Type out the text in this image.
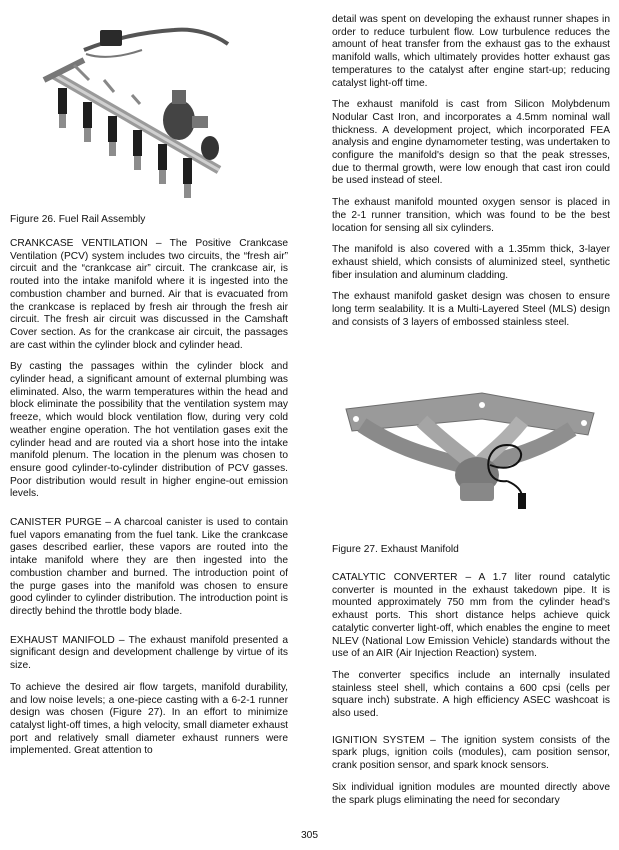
Figure 26. Fuel Rail Assembly

CRANKCASE VENTILATION – The Positive Crankcase Ventilation (PCV) system includes two circuits, the “fresh air” circuit and the “crankcase air” circuit. The crankcase air, is routed into the intake manifold where it is ingested into the combustion chamber and burned. Air that is evacuated from the crankcase is replaced by fresh air through the fresh air circuit. The fresh air circuit was discussed in the Camshaft Cover section. As for the crankcase air circuit, the passages are cast within the cylinder block and cylinder head.

By casting the passages within the cylinder block and cylinder head, a significant amount of external plumbing was eliminated. Also, the warm temperatures within the head and block eliminate the possibility that the ventilation system may freeze, which would block ventilation flow, during very cold weather engine operation. The hot ventilation gases exit the cylinder head and are routed via a short hose into the intake manifold plenum. The location in the plenum was chosen to ensure good cylinder-to-cylinder distribution of PCV gasses. Poor distribution would result in higher engine-out emission levels.

CANISTER PURGE – A charcoal canister is used to contain fuel vapors emanating from the fuel tank. Like the crankcase gases described earlier, these vapors are routed into the intake manifold where they are then ingested into the combustion chamber and burned. The introduction point of the purge gases into the manifold was chosen to ensure good cylinder to cylinder distribution. The introduction point is directly behind the throttle body blade.

EXHAUST MANIFOLD – The exhaust manifold presented a significant design and development challenge by virtue of its size.

To achieve the desired air flow targets, manifold durability, and low noise levels; a one-piece casting with a 6-2-1 runner design was chosen (Figure 27). In an effort to minimize catalyst light-off times, a high velocity, small diameter exhaust port and relatively small diameter exhaust runners were implemented. Great attention to

detail was spent on developing the exhaust runner shapes in order to reduce turbulent flow. Low turbulence reduces the amount of heat transfer from the exhaust gas to the exhaust manifold walls, which ultimately provides hotter exhaust gas temperatures to the catalyst after engine start-up; reducing catalyst light-off time.

The exhaust manifold is cast from Silicon Molybdenum Nodular Cast Iron, and incorporates a 4.5mm nominal wall thickness. A development project, which incorporated FEA analysis and engine dynamometer testing, was undertaken to configure the manifold's design so that the peak stresses, due to thermal growth, were low enough that cast iron could be used instead of steel.

The exhaust manifold mounted oxygen sensor is placed in the 2-1 runner transition, which was found to be the best location for sensing all six cylinders.

The manifold is also covered with a 1.35mm thick, 3-layer exhaust shield, which consists of aluminized steel, synthetic fiber insulation and aluminum cladding.

The exhaust manifold gasket design was chosen to ensure long term sealability. It is a Multi-Layered Steel (MLS) design and consists of 3 layers of embossed stainless steel.

Figure 27. Exhaust Manifold

CATALYTIC CONVERTER – A 1.7 liter round catalytic converter is mounted in the exhaust takedown pipe. It is mounted approximately 750 mm from the cylinder head's exhaust ports. This short distance helps achieve quick catalytic converter light-off, which enables the engine to meet NLEV (National Low Emission Vehicle) standards without the use of an AIR (Air Injection Reaction) system.

The converter specifics include an internally insulated stainless steel shell, which contains a 600 cpsi (cells per square inch) substrate. A high efficiency ASEC washcoat is also used.

IGNITION SYSTEM – The ignition system consists of the spark plugs, ignition coils (modules), cam position sensor, crank position sensor, and spark knock sensors.

Six individual ignition modules are mounted directly above the spark plugs eliminating the need for secondary

305
